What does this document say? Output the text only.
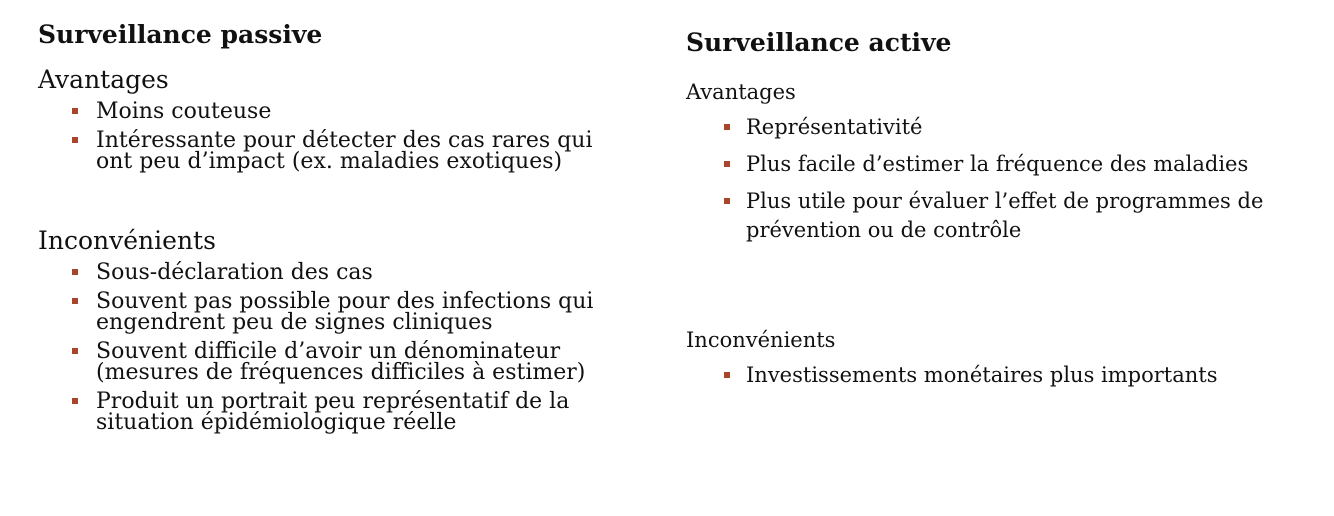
Surveillance passive
Avantages
Moins couteuse
Intéressante pour détecter des cas rares qui ont peu d’impact (ex. maladies exotiques)
Inconvénients
Sous-déclaration des cas
Souvent pas possible pour des infections qui engendrent peu de signes cliniques
Souvent difficile d’avoir un dénominateur (mesures de fréquences difficiles à estimer)
Produit un portrait peu représentatif de la situation épidémiologique réelle
Surveillance active
Avantages
Représentativité
Plus facile d’estimer la fréquence des maladies
Plus utile pour évaluer l’effet de programmes de prévention ou de contrôle
Inconvénients
Investissements monétaires plus importants
